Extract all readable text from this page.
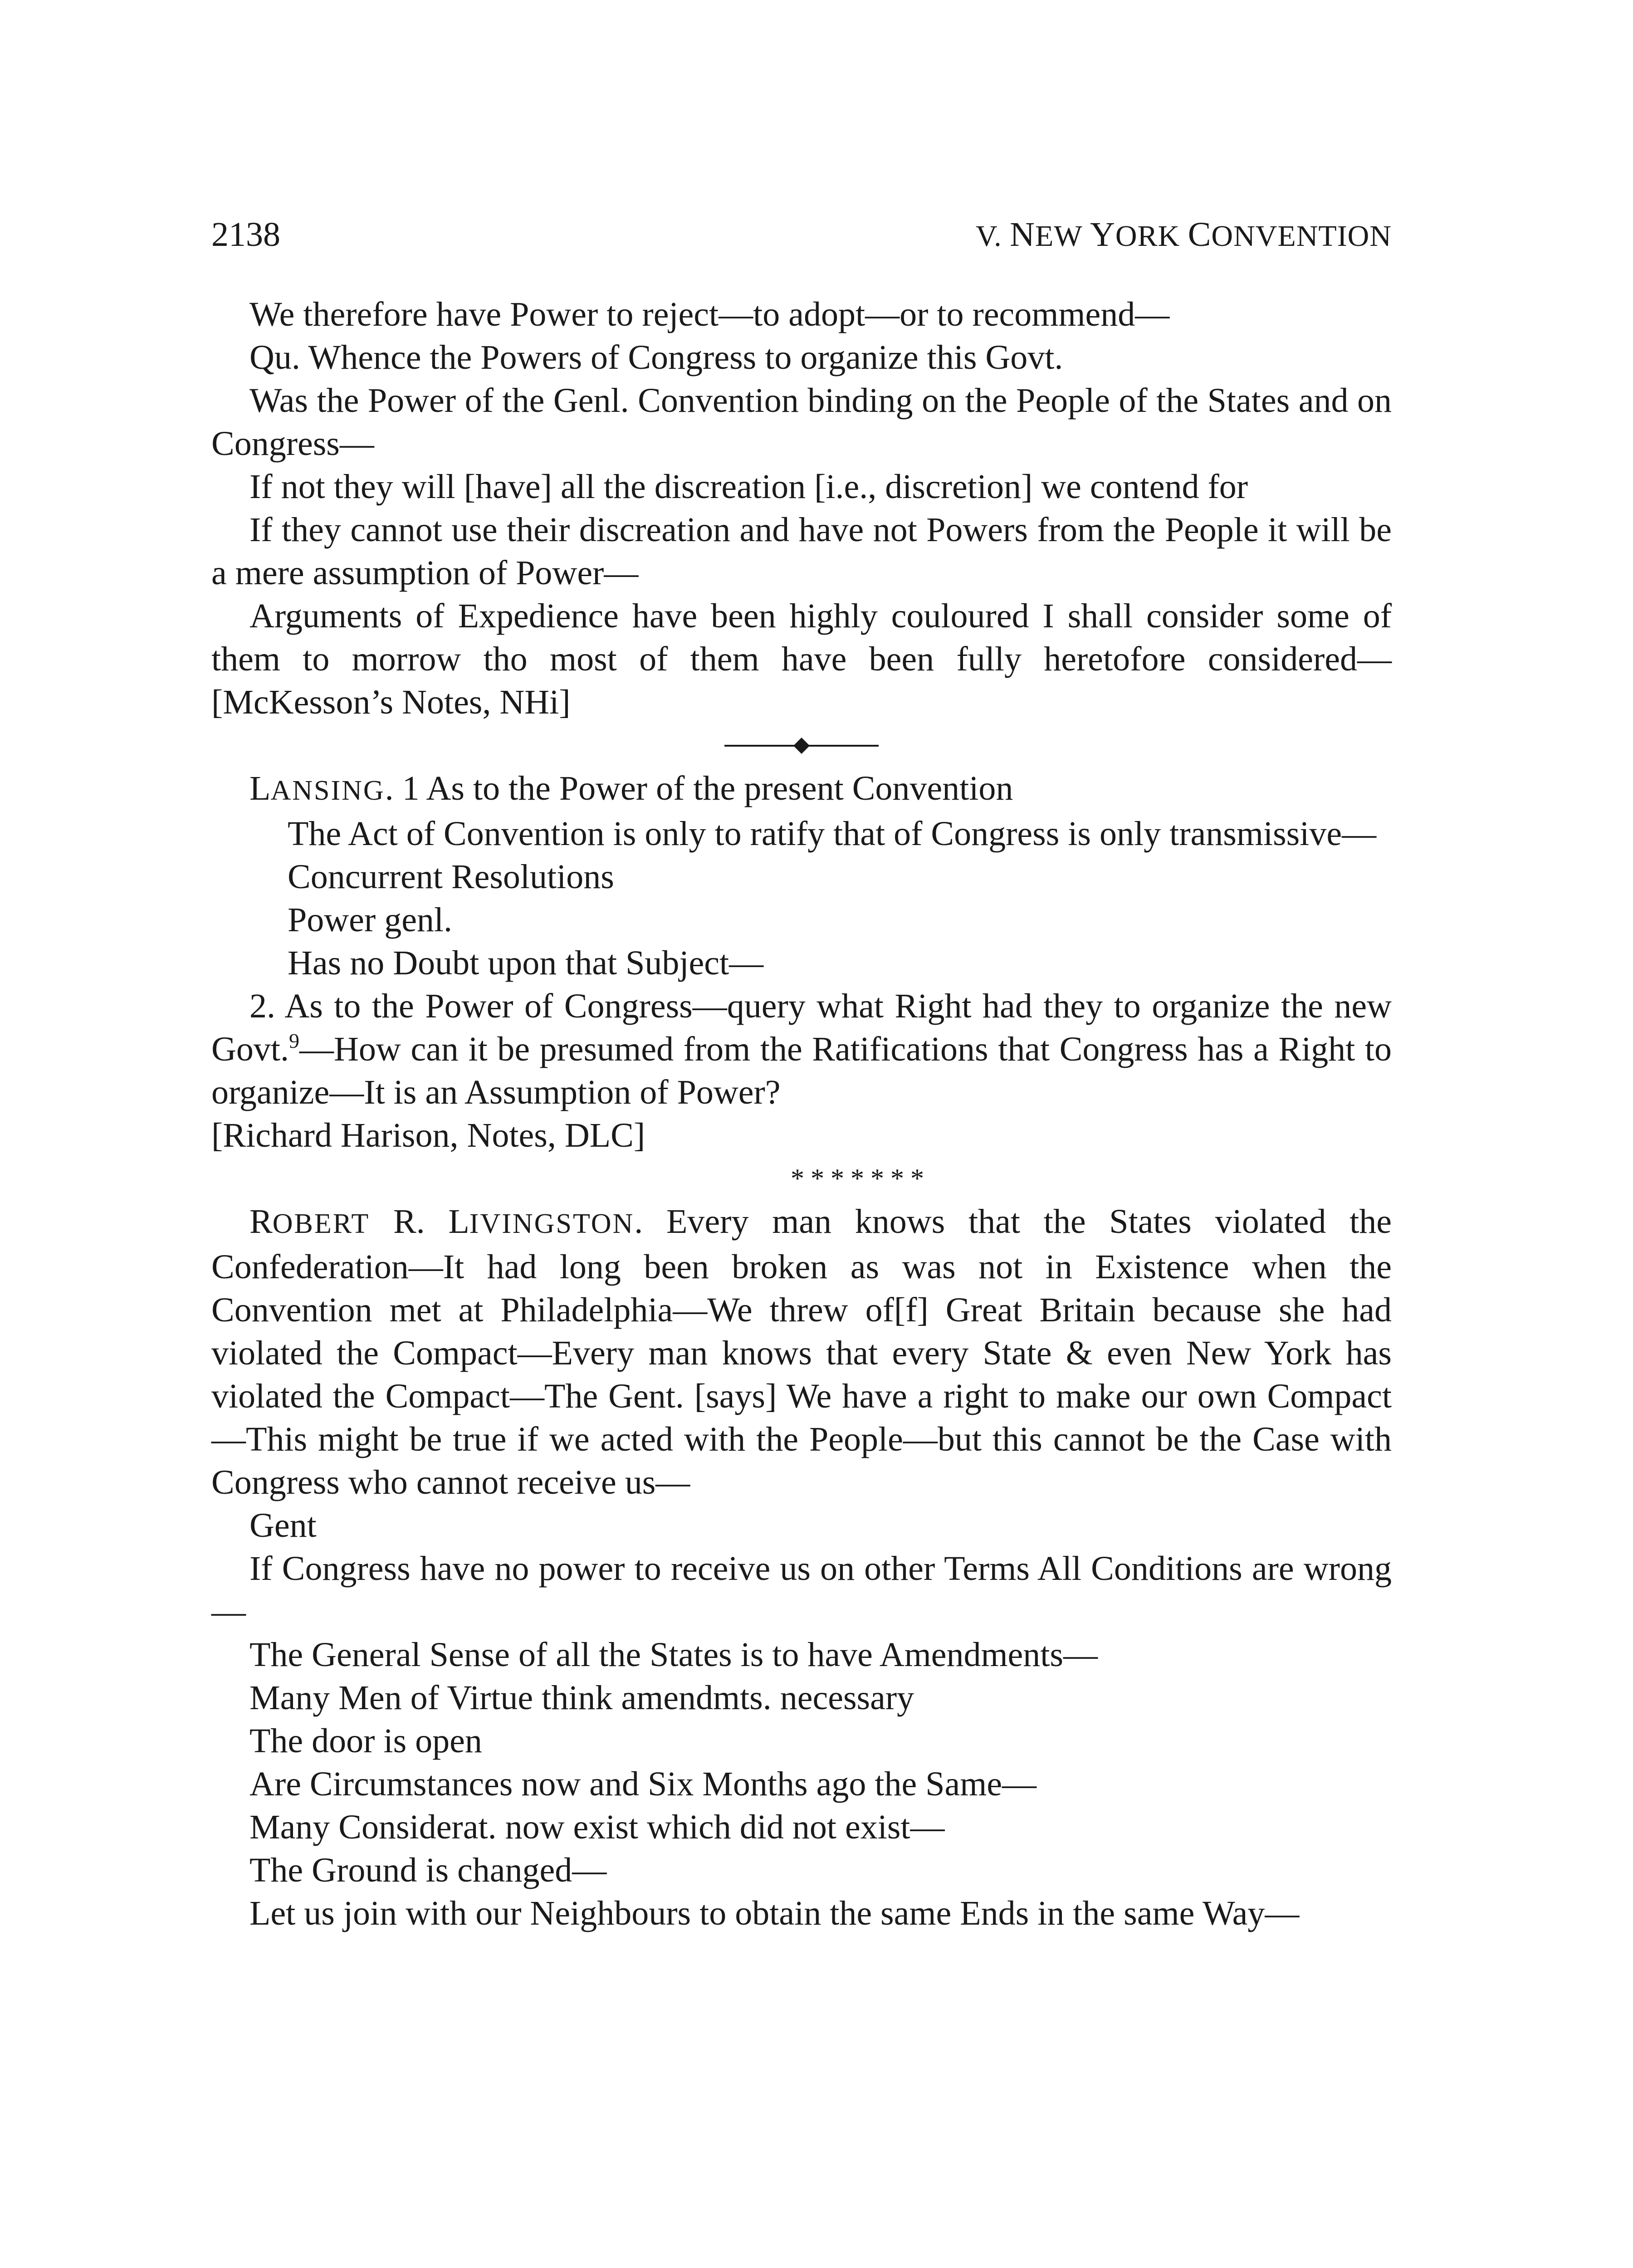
2138	V. NEW YORK CONVENTION

We therefore have Power to reject—to adopt—or to recommend—

Qu. Whence the Powers of Congress to organize this Govt.

Was the Power of the Genl. Convention binding on the People of the States and on Congress—

If not they will [have] all the discreation [i.e., discretion] we contend for

If they cannot use their discreation and have not Powers from the People it will be a mere assumption of Power—

Arguments of Expedience have been highly couloured I shall consider some of them to morrow tho most of them have been fully heretofore considered— [McKesson’s Notes, NHi]

LANSING. 1 As to the Power of the present Convention

The Act of Convention is only to ratify that of Congress is only transmissive—

Concurrent Resolutions

Power genl.

Has no Doubt upon that Subject—

2. As to the Power of Congress—query what Right had they to organize the new Govt.$^9$—How can it be presumed from the Ratifications that Congress has a Right to organize—It is an Assumption of Power?

[Richard Harison, Notes, DLC]

*******

ROBERT R. LIVINGSTON. Every man knows that the States violated the Confederation—It had long been broken as was not in Existence when the Convention met at Philadelphia—We threw of[f] Great Britain because she had violated the Compact—Every man knows that every State & even New York has violated the Compact—The Gent. [says] We have a right to make our own Compact—This might be true if we acted with the People—but this cannot be the Case with Congress who cannot receive us—

Gent

If Congress have no power to receive us on other Terms All Conditions are wrong—

The General Sense of all the States is to have Amendments—

Many Men of Virtue think amendmts. necessary

The door is open

Are Circumstances now and Six Months ago the Same—

Many Considerat. now exist which did not exist—

The Ground is changed—

Let us join with our Neighbours to obtain the same Ends in the same Way—
